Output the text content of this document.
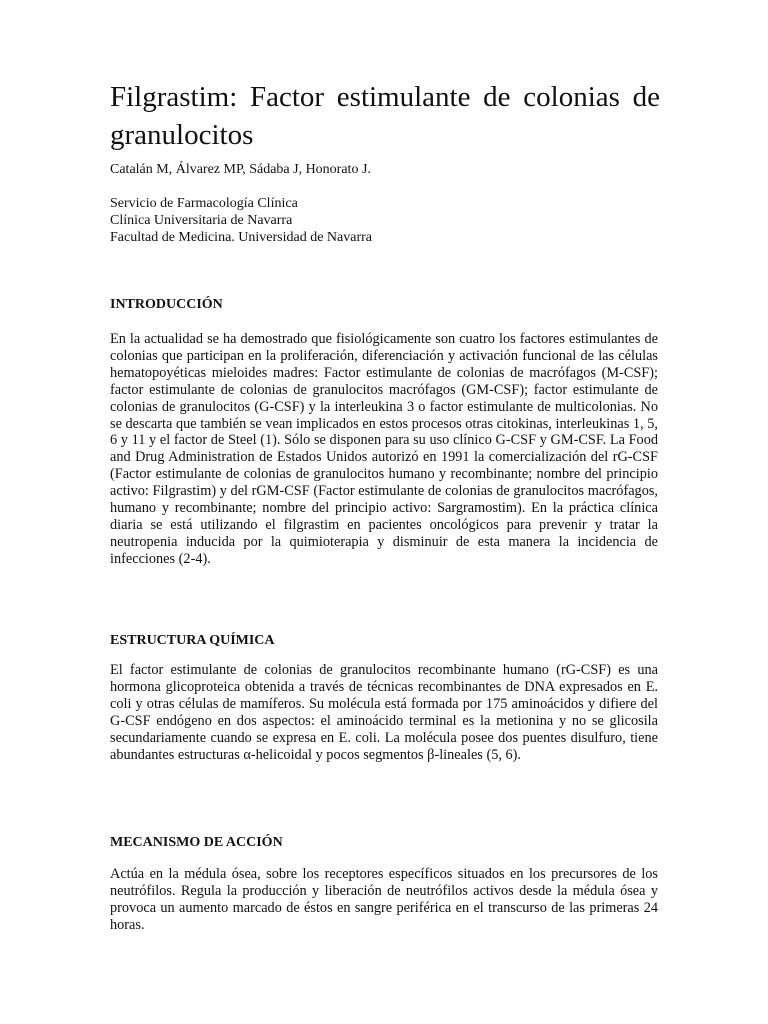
Filgrastim: Factor estimulante de colonias de granulocitos

Catalán M, Álvarez MP, Sádaba J, Honorato J.

Servicio de Farmacología Clínica
Clínica Universitaria de Navarra
Facultad de Medicina. Universidad de Navarra
INTRODUCCIÓN

En la actualidad se ha demostrado que fisiológicamente son cuatro los factores estimulantes de colonias que participan en la proliferación, diferenciación y activación funcional de las células hematopoyéticas mieloides madres: Factor estimulante de colonias de macrófagos (M-CSF); factor estimulante de colonias de granulocitos macrófagos (GM-CSF); factor estimulante de colonias de granulocitos (G-CSF) y la interleukina 3 o factor estimulante de multicolonias. No se descarta que también se vean implicados en estos procesos otras citokinas, interleukinas 1, 5, 6 y 11 y el factor de Steel (1). Sólo se disponen para su uso clínico G-CSF y GM-CSF. La Food and Drug Administration de Estados Unidos autorizó en 1991 la comercialización del rG-CSF (Factor estimulante de colonias de granulocitos humano y recombinante; nombre del principio activo: Filgrastim) y del rGM-CSF (Factor estimulante de colonias de granulocitos macrófagos, humano y recombinante; nombre del principio activo: Sargramostim). En la práctica clínica diaria se está utilizando el filgrastim en pacientes oncológicos para prevenir y tratar la neutropenia inducida por la quimioterapia y disminuir de esta manera la incidencia de infecciones (2-4).

ESTRUCTURA QUÍMICA

El factor estimulante de colonias de granulocitos recombinante humano (rG-CSF) es una hormona glicoproteica obtenida a través de técnicas recombinantes de DNA expresados en E. coli y otras células de mamíferos. Su molécula está formada por 175 aminoácidos y difiere del G-CSF endógeno en dos aspectos: el aminoácido terminal es la metionina y no se glicosila secundariamente cuando se expresa en E. coli. La molécula posee dos puentes disulfuro, tiene abundantes estructuras α-helicoidal y pocos segmentos β-lineales (5, 6).

MECANISMO DE ACCIÓN

Actúa en la médula ósea, sobre los receptores específicos situados en los precursores de los neutrófilos. Regula la producción y liberación de neutrófilos activos desde la médula ósea y provoca un aumento marcado de éstos en sangre periférica en el transcurso de las primeras 24 horas.
